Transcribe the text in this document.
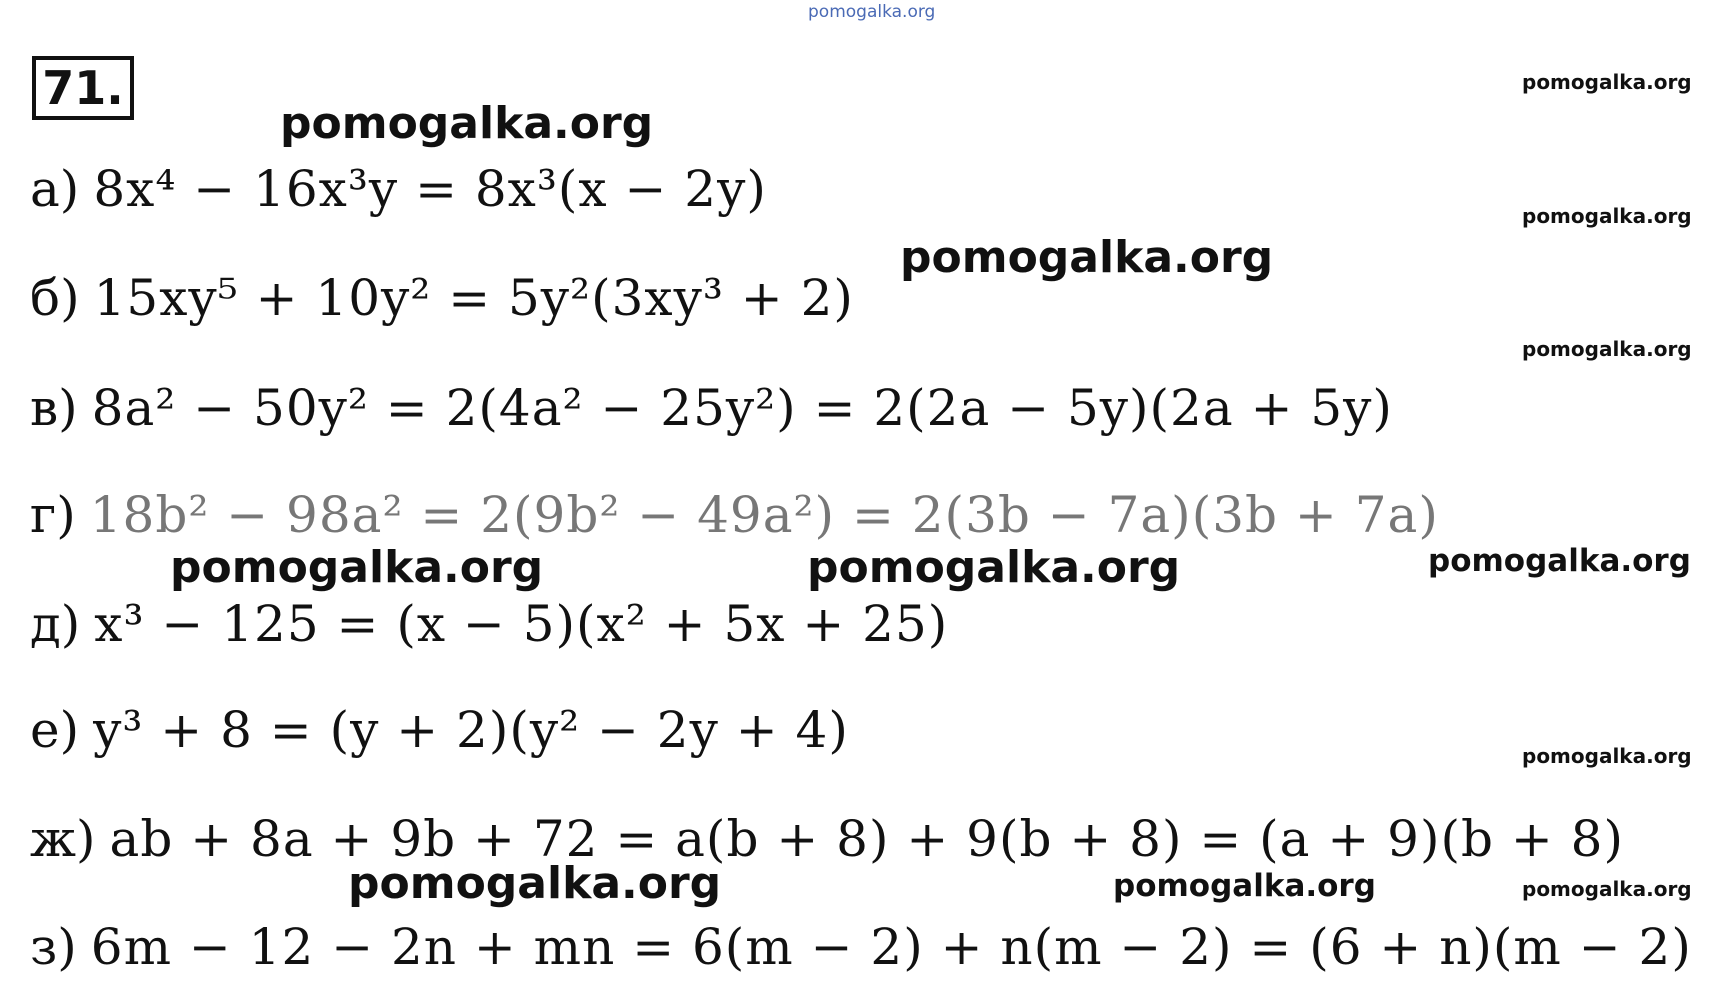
pomogalka.org
71.	pomogalka.org
pomogalka.org
pomogalka.org
pomogalka.org
pomogalka.org
pomogalka.org	pomogalka.org	pomogalka.org
pomogalka.org
pomogalka.org	pomogalka.org	pomogalka.org
а) 8x⁴ − 16x³y = 8x³(x − 2y)
б) 15xy⁵ + 10y² = 5y²(3xy³ + 2)
в) 8a² − 50y² = 2(4a² − 25y²) = 2(2a − 5y)(2a + 5y)
г) 18b² − 98a² = 2(9b² − 49a²) = 2(3b − 7a)(3b + 7a)
д) x³ − 125 = (x − 5)(x² + 5x + 25)
е) y³ + 8 = (y + 2)(y² − 2y + 4)
ж) ab + 8a + 9b + 72 = a(b + 8) + 9(b + 8) = (a + 9)(b + 8)
з) 6m − 12 − 2n + mn = 6(m − 2) + n(m − 2) = (6 + n)(m − 2)
